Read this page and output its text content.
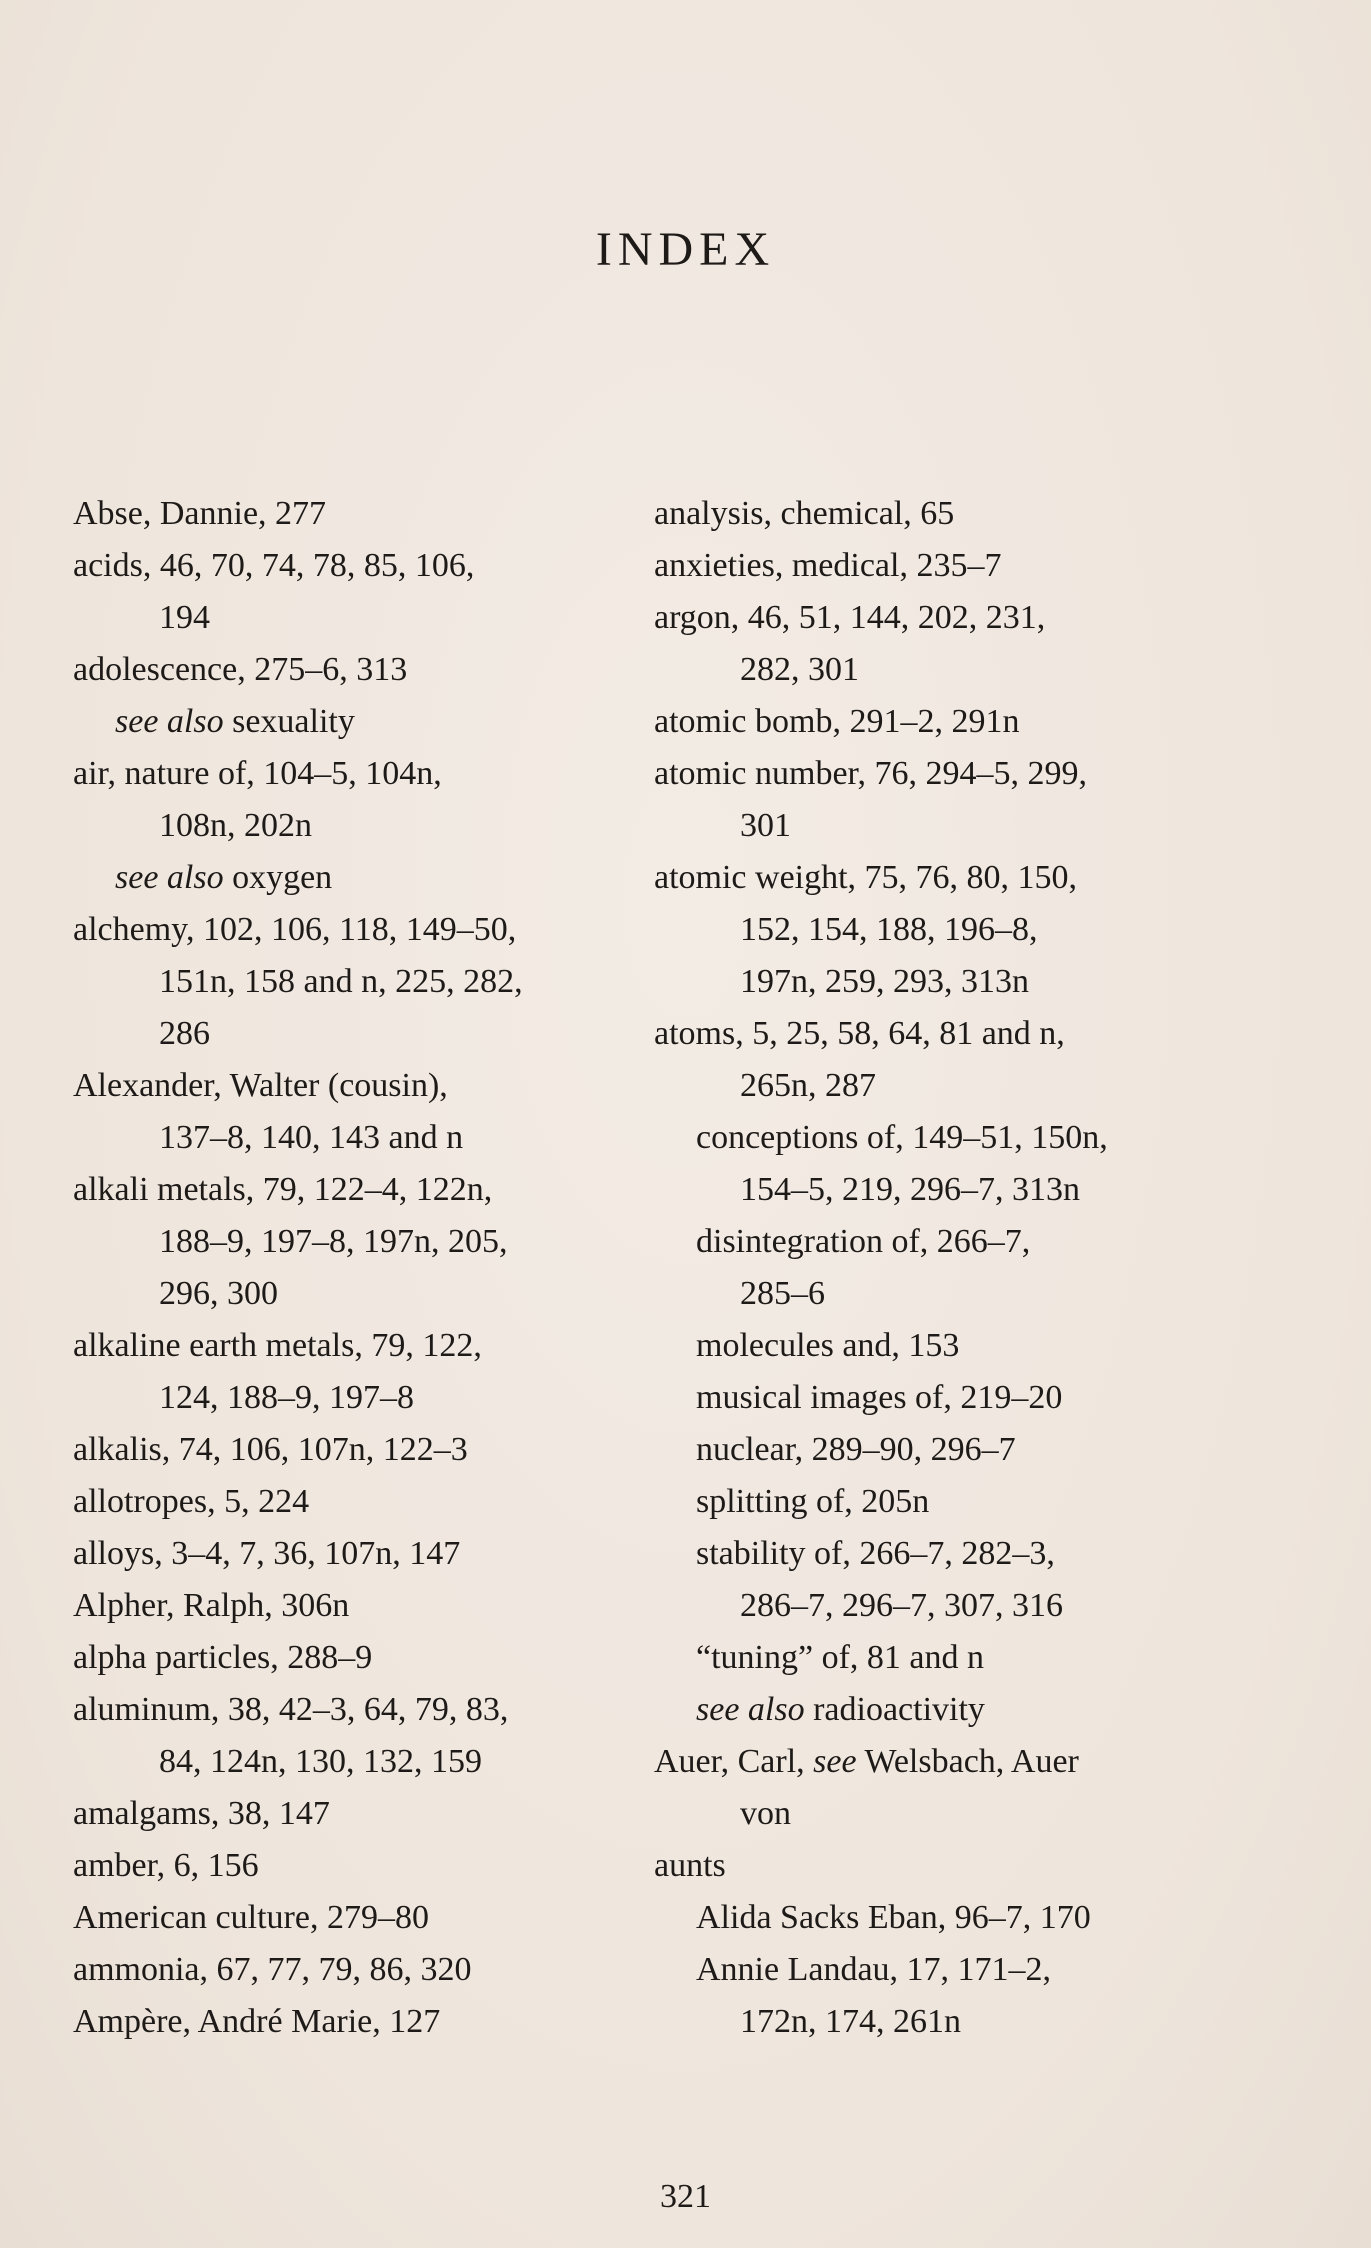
INDEX
Abse, Dannie, 277
acids, 46, 70, 74, 78, 85, 106,
194
adolescence, 275–6, 313
see also sexuality
air, nature of, 104–5, 104n,
108n, 202n
see also oxygen
alchemy, 102, 106, 118, 149–50,
151n, 158 and n, 225, 282,
286
Alexander, Walter (cousin),
137–8, 140, 143 and n
alkali metals, 79, 122–4, 122n,
188–9, 197–8, 197n, 205,
296, 300
alkaline earth metals, 79, 122,
124, 188–9, 197–8
alkalis, 74, 106, 107n, 122–3
allotropes, 5, 224
alloys, 3–4, 7, 36, 107n, 147
Alpher, Ralph, 306n
alpha particles, 288–9
aluminum, 38, 42–3, 64, 79, 83,
84, 124n, 130, 132, 159
amalgams, 38, 147
amber, 6, 156
American culture, 279–80
ammonia, 67, 77, 79, 86, 320
Ampère, André Marie, 127
analysis, chemical, 65
anxieties, medical, 235–7
argon, 46, 51, 144, 202, 231,
282, 301
atomic bomb, 291–2, 291n
atomic number, 76, 294–5, 299,
301
atomic weight, 75, 76, 80, 150,
152, 154, 188, 196–8,
197n, 259, 293, 313n
atoms, 5, 25, 58, 64, 81 and n,
265n, 287
conceptions of, 149–51, 150n,
154–5, 219, 296–7, 313n
disintegration of, 266–7,
285–6
molecules and, 153
musical images of, 219–20
nuclear, 289–90, 296–7
splitting of, 205n
stability of, 266–7, 282–3,
286–7, 296–7, 307, 316
“tuning” of, 81 and n
see also radioactivity
Auer, Carl, see Welsbach, Auer
von
aunts
Alida Sacks Eban, 96–7, 170
Annie Landau, 17, 171–2,
172n, 174, 261n
321
